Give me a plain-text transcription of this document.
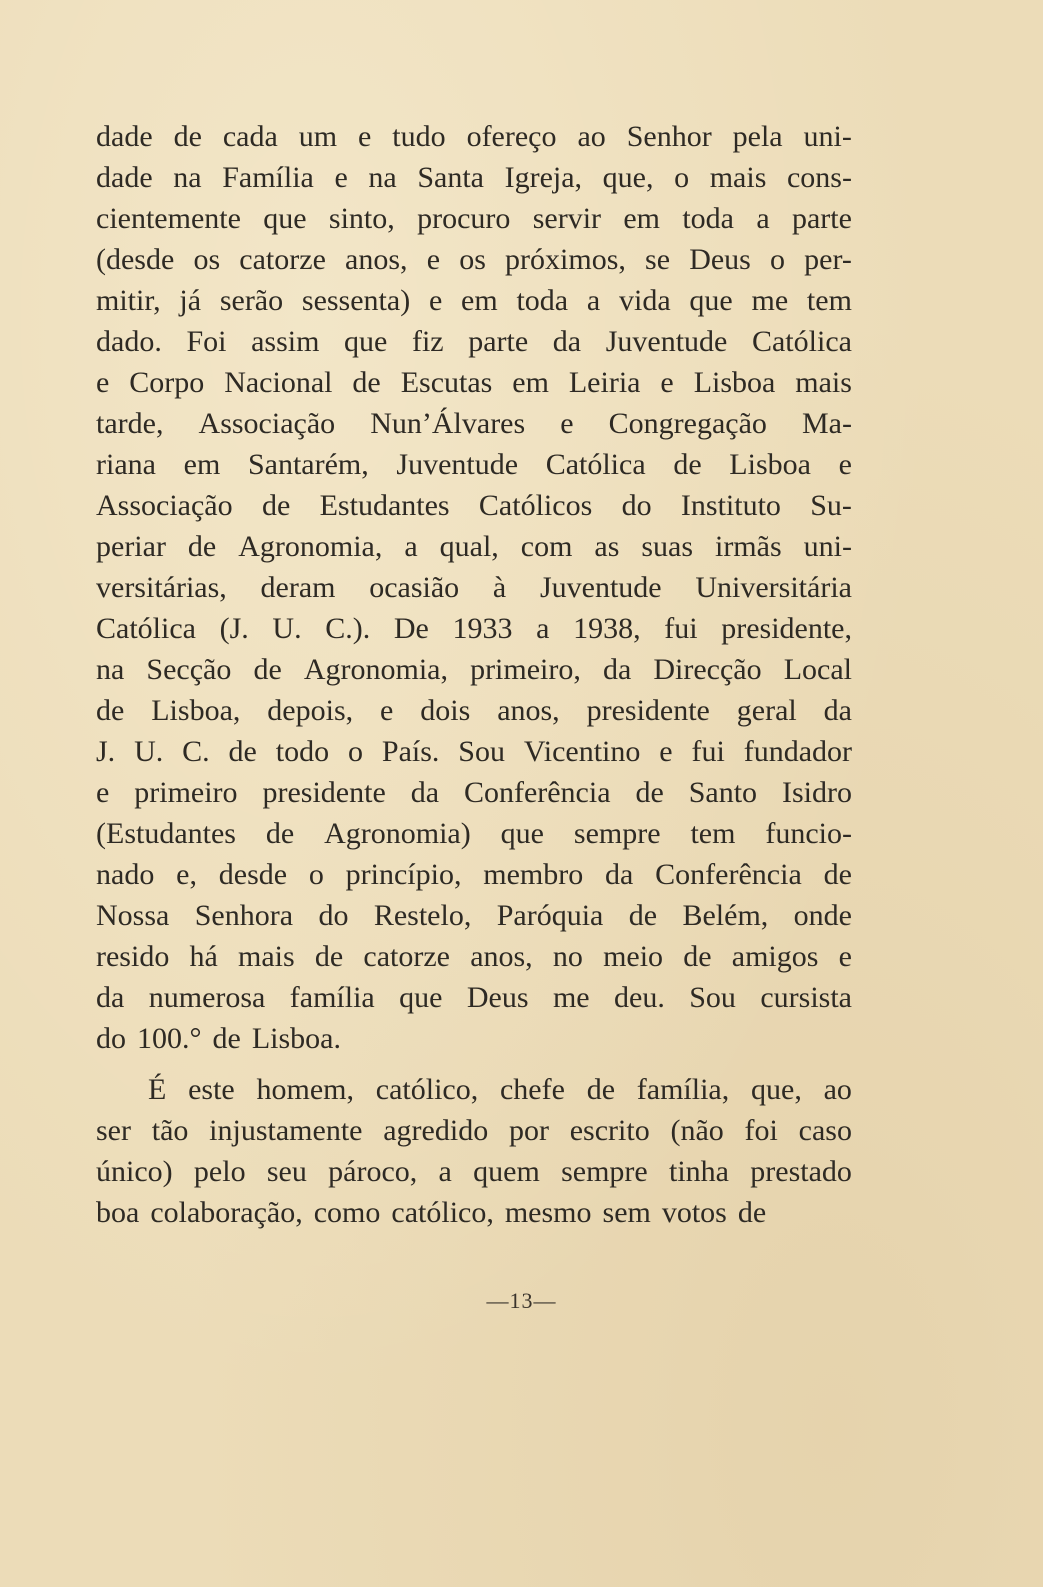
dade de cada um e tudo ofereço ao Senhor pela uni-
dade na Família e na Santa Igreja, que, o mais cons-
cientemente que sinto, procuro servir em toda a parte
(desde os catorze anos, e os próximos, se Deus o per-
mitir, já serão sessenta) e em toda a vida que me tem
dado. Foi assim que fiz parte da Juventude Católica
e Corpo Nacional de Escutas em Leiria e Lisboa mais
tarde, Associação Nun’Álvares e Congregação Ma-
riana em Santarém, Juventude Católica de Lisboa e
Associação de Estudantes Católicos do Instituto Su-
periar de Agronomia, a qual, com as suas irmãs uni-
versitárias, deram ocasião à Juventude Universitária
Católica (J. U. C.). De 1933 a 1938, fui presidente,
na Secção de Agronomia, primeiro, da Direcção Local
de Lisboa, depois, e dois anos, presidente geral da
J. U. C. de todo o País. Sou Vicentino e fui fundador
e primeiro presidente da Conferência de Santo Isidro
(Estudantes de Agronomia) que sempre tem funcio-
nado e, desde o princípio, membro da Conferência de
Nossa Senhora do Restelo, Paróquia de Belém, onde
resido há mais de catorze anos, no meio de amigos e
da numerosa família que Deus me deu. Sou cursista
do 100.° de Lisboa.
É este homem, católico, chefe de família, que, ao
ser tão injustamente agredido por escrito (não foi caso
único) pelo seu pároco, a quem sempre tinha prestado
boa colaboração, como católico, mesmo sem votos de
—13—
